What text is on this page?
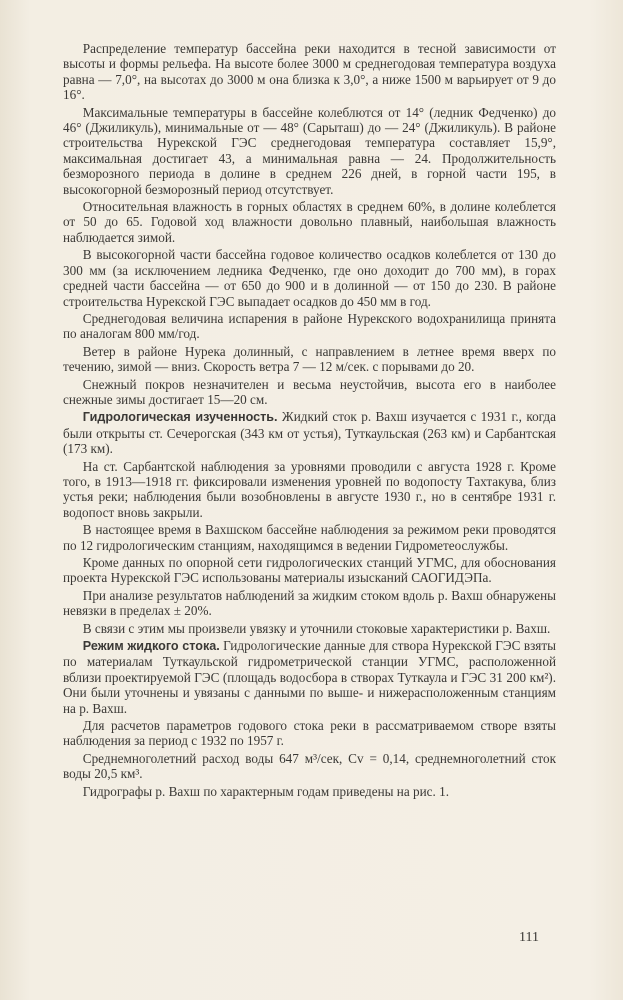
Распределение температур бассейна реки находится в тесной зависимости от высоты и формы рельефа. На высоте более 3000 м среднегодовая температура воздуха равна — 7,0°, на высотах до 3000 м она близка к 3,0°, а ниже 1500 м варьирует от 9 до 16°.

Максимальные температуры в бассейне колеблются от 14° (ледник Федченко) до 46° (Джиликуль), минимальные от — 48° (Сарыташ) до — 24° (Джиликуль). В районе строительства Нурекской ГЭС среднегодовая температура составляет 15,9°, максимальная достигает 43, а минимальная равна — 24. Продолжительность безморозного периода в долине в среднем 226 дней, в горной части 195, в высокогорной безморозный период отсутствует.

Относительная влажность в горных областях в среднем 60%, в долине колеблется от 50 до 65. Годовой ход влажности довольно плавный, наибольшая влажность наблюдается зимой.

В высокогорной части бассейна годовое количество осадков колеблется от 130 до 300 мм (за исключением ледника Федченко, где оно доходит до 700 мм), в горах средней части бассейна — от 650 до 900 и в долинной — от 150 до 230. В районе строительства Нурекской ГЭС выпадает осадков до 450 мм в год.

Среднегодовая величина испарения в районе Нурекского водохранилища принята по аналогам 800 мм/год.

Ветер в районе Нурека долинный, с направлением в летнее время вверх по течению, зимой — вниз. Скорость ветра 7 — 12 м/сек. с порывами до 20.

Снежный покров незначителен и весьма неустойчив, высота его в наиболее снежные зимы достигает 15—20 см.

Гидрологическая изученность. Жидкий сток р. Вахш изучается с 1931 г., когда были открыты ст. Сечерогская (343 км от устья), Туткаульская (263 км) и Сарбантская (173 км).

На ст. Сарбантской наблюдения за уровнями проводили с августа 1928 г. Кроме того, в 1913—1918 гг. фиксировали изменения уровней по водопосту Тахтакува, близ устья реки; наблюдения были возобновлены в августе 1930 г., но в сентябре 1931 г. водопост вновь закрыли.

В настоящее время в Вахшском бассейне наблюдения за режимом реки проводятся по 12 гидрологическим станциям, находящимся в ведении Гидрометеослужбы.

Кроме данных по опорной сети гидрологических станций УГМС, для обоснования проекта Нурекской ГЭС использованы материалы изысканий САОГИДЭПа.

При анализе результатов наблюдений за жидким стоком вдоль р. Вахш обнаружены невязки в пределах ± 20%.

В связи с этим мы произвели увязку и уточнили стоковые характеристики р. Вахш.

Режим жидкого стока. Гидрологические данные для створа Нурекской ГЭС взяты по материалам Туткаульской гидрометрической станции УГМС, расположенной вблизи проектируемой ГЭС (площадь водосбора в створах Туткаула и ГЭС 31 200 км²). Они были уточнены и увязаны с данными по выше- и нижерасположенным станциям на р. Вахш.

Для расчетов параметров годового стока реки в рассматриваемом створе взяты наблюдения за период с 1932 по 1957 г.

Среднемноголетний расход воды 647 м³/сек, Cv = 0,14, среднемноголетний сток воды 20,5 км³.

Гидрографы р. Вахш по характерным годам приведены на рис. 1.

111
